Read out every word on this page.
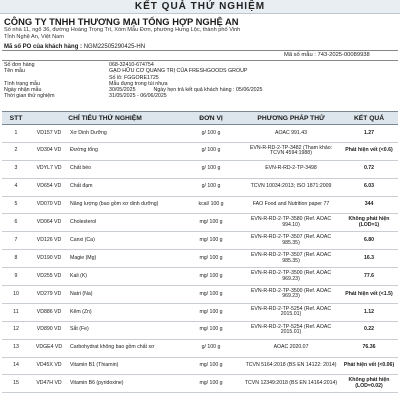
KẾT QUẢ THỬ NGHIỆM
CÔNG TY TNHH THƯƠNG MẠI TỔNG HỢP NGHỆ AN
Số nhà 11, ngõ 36, đường Hoàng Trọng Trì, Xóm Mẫu Đơn, phường Hưng Lộc, thành phố Vinh
Tỉnh Nghệ An, Việt Nam
Mã số PO của khách hàng : NGM22505290425-HN
Mã số mẫu : 743-2025-00089938
Số đơn hàng	068-32410-674754
Tên mẫu	GẠO HỮU CƠ QUANG TRỊ CỦA FRESHGOODS GROUP
Số lô: FGGORE1725
Tình trạng mẫu	Mẫu đựng trong túi nhựa
Ngày nhận mẫu	30/05/2025	Ngày hẹn trả kết quả khách hàng : 05/06/2025
Thời gian thử nghiệm	31/05/2025 - 06/06/2025
STT	CHỈ TIÊU THỬ NGHIỆM		ĐƠN VỊ	PHƯƠNG PHÁP THỬ	KẾT QUẢ
1	VD157 VD	Xơ Dinh Dưỡng	g/ 100 g	AOAC 991.43	1.27
2	VD304 VD	Đường tổng	g/ 100 g	EVN-R-RD-2-TP-3482 (Tham khảo: TCVN 4594:1988)	Phát hiện vết (<0.6)
3	VDYL7 VD	Chất béo	g/ 100 g	EVN-R-RD-2-TP-3498	0.72
4	VD654 VD	Chất đạm	g/ 100 g	TCVN 10034:2013; ISO 1871:2009	6.03
5	VD070 VD	Năng lượng (bao gồm xơ dinh dưỡng)	kcal/ 100 g	FAO Food and Nutrition paper 77	344
6	VD064 VD	Cholesterol	mg/ 100 g	EVN-R-RD-2-TP-3580 (Ref. AOAC 994.10)	Không phát hiện (LOD=1)
7	VD126 VD	Canxi (Ca)	mg/ 100 g	EVN-R-RD-2-TP-3507 (Ref. AOAC 985.35)	6.80
8	VD190 VD	Magie (Mg)	mg/ 100 g	EVN-R-RD-2-TP-3507 (Ref. AOAC 985.35)	16.3
9	VD255 VD	Kali (K)	mg/ 100 g	EVN-R-RD-2-TP-3500 (Ref. AOAC 969.23)	77.6
10	VD279 VD	Natri (Na)	mg/ 100 g	EVN-R-RD-2-TP-3500 (Ref. AOAC 969.23)	Phát hiện vết (<1.5)
11	VD886 VD	Kẽm (Zn)	mg/ 100 g	EVN-R-RD-2-TP-5254 (Ref. AOAC 2015.01)	1.12
12	VD890 VD	Sắt (Fe)	mg/ 100 g	EVN-R-RD-2-TP-5254 (Ref. AOAC 2015.01)	0.22
13	VDGE4 VD	Carbohydrat không bao gồm chất xơ	g/ 100 g	AOAC 2020.07	76.36
14	VD45X VD	Vitamin B1 (Thiamin)	mg/ 100 g	TCVN 5164:2018 (BS EN 14122: 2014)	Phát hiện vết (<0.06)
15	VD47H VD	Vitamin B6 (pyridoxine)	mg/ 100 g	TCVN 12349:2018 (BS EN 14164:2014)	Không phát hiện (LOD=0.02)
